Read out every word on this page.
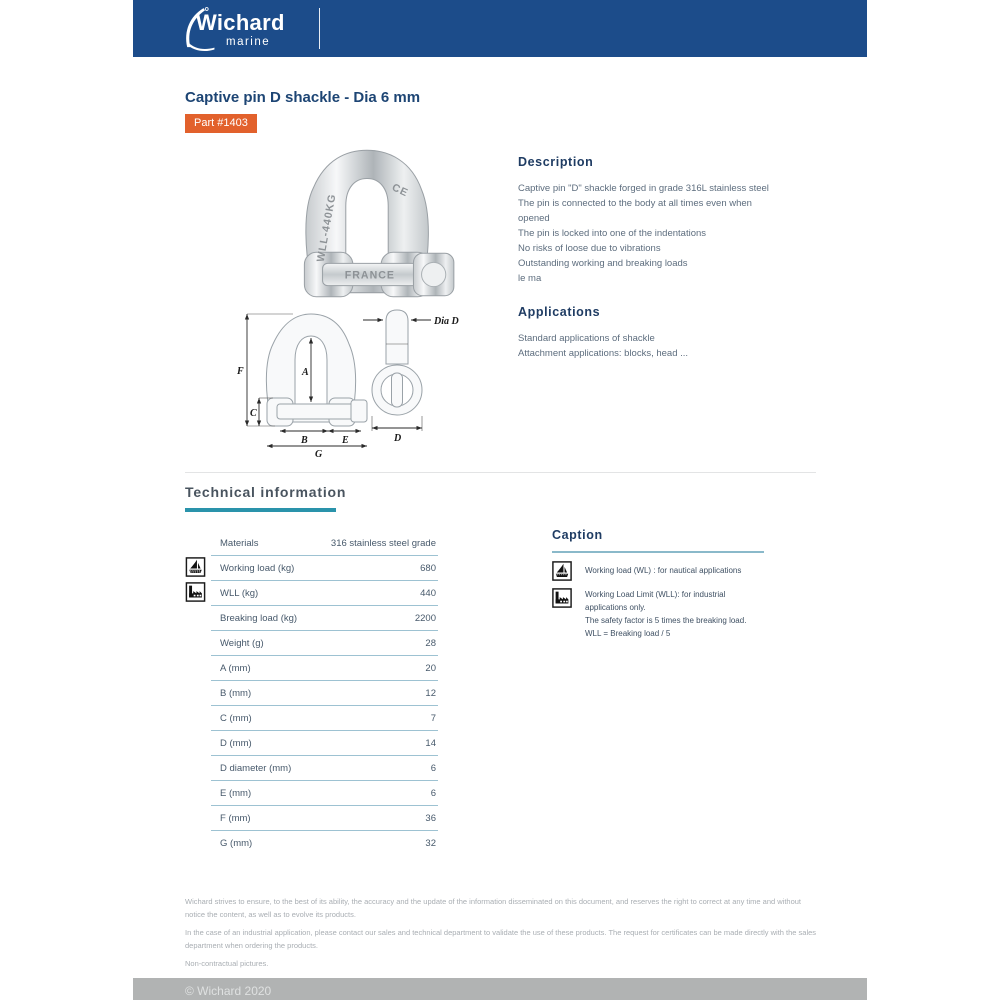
Wichard
marine
Captive pin D shackle - Dia 6 mm
Part #1403
WLL-440KG
CE
FRANCE
F
C
A
B	E
G
Dia D
D
Description
Captive pin "D" shackle forged in grade 316L stainless steel
The pin is connected to the body at all times even when
opened
The pin is locked into one of the indentations
No risks of loose due to vibrations
Outstanding working and breaking loads
le ma
Applications
Standard applications of shackle
Attachment applications: blocks, head ...
Technical information
Materials	316 stainless steel grade
Working load (kg)	680
WLL (kg)	440
Breaking load (kg)	2200
Weight (g)	28
A (mm)	20
B (mm)	12
C (mm)	7
D (mm)	14
D diameter (mm)	6
E (mm)	6
F (mm)	36
G (mm)	32
Caption
Working load (WL) : for nautical applications
Working Load Limit (WLL): for industrial
applications only.
The safety factor is 5 times the breaking load.
WLL = Breaking load / 5

Wichard strives to ensure, to the best of its ability, the accuracy and the update of the information disseminated on this document, and reserves the right to correct at any time and without notice the content, as well as to evolve its products.

In the case of an industrial application, please contact our sales and technical department to validate the use of these products. The request for certificates can be made directly with the sales department when ordering the products.

Non-contractual pictures.

© Wichard 2020
